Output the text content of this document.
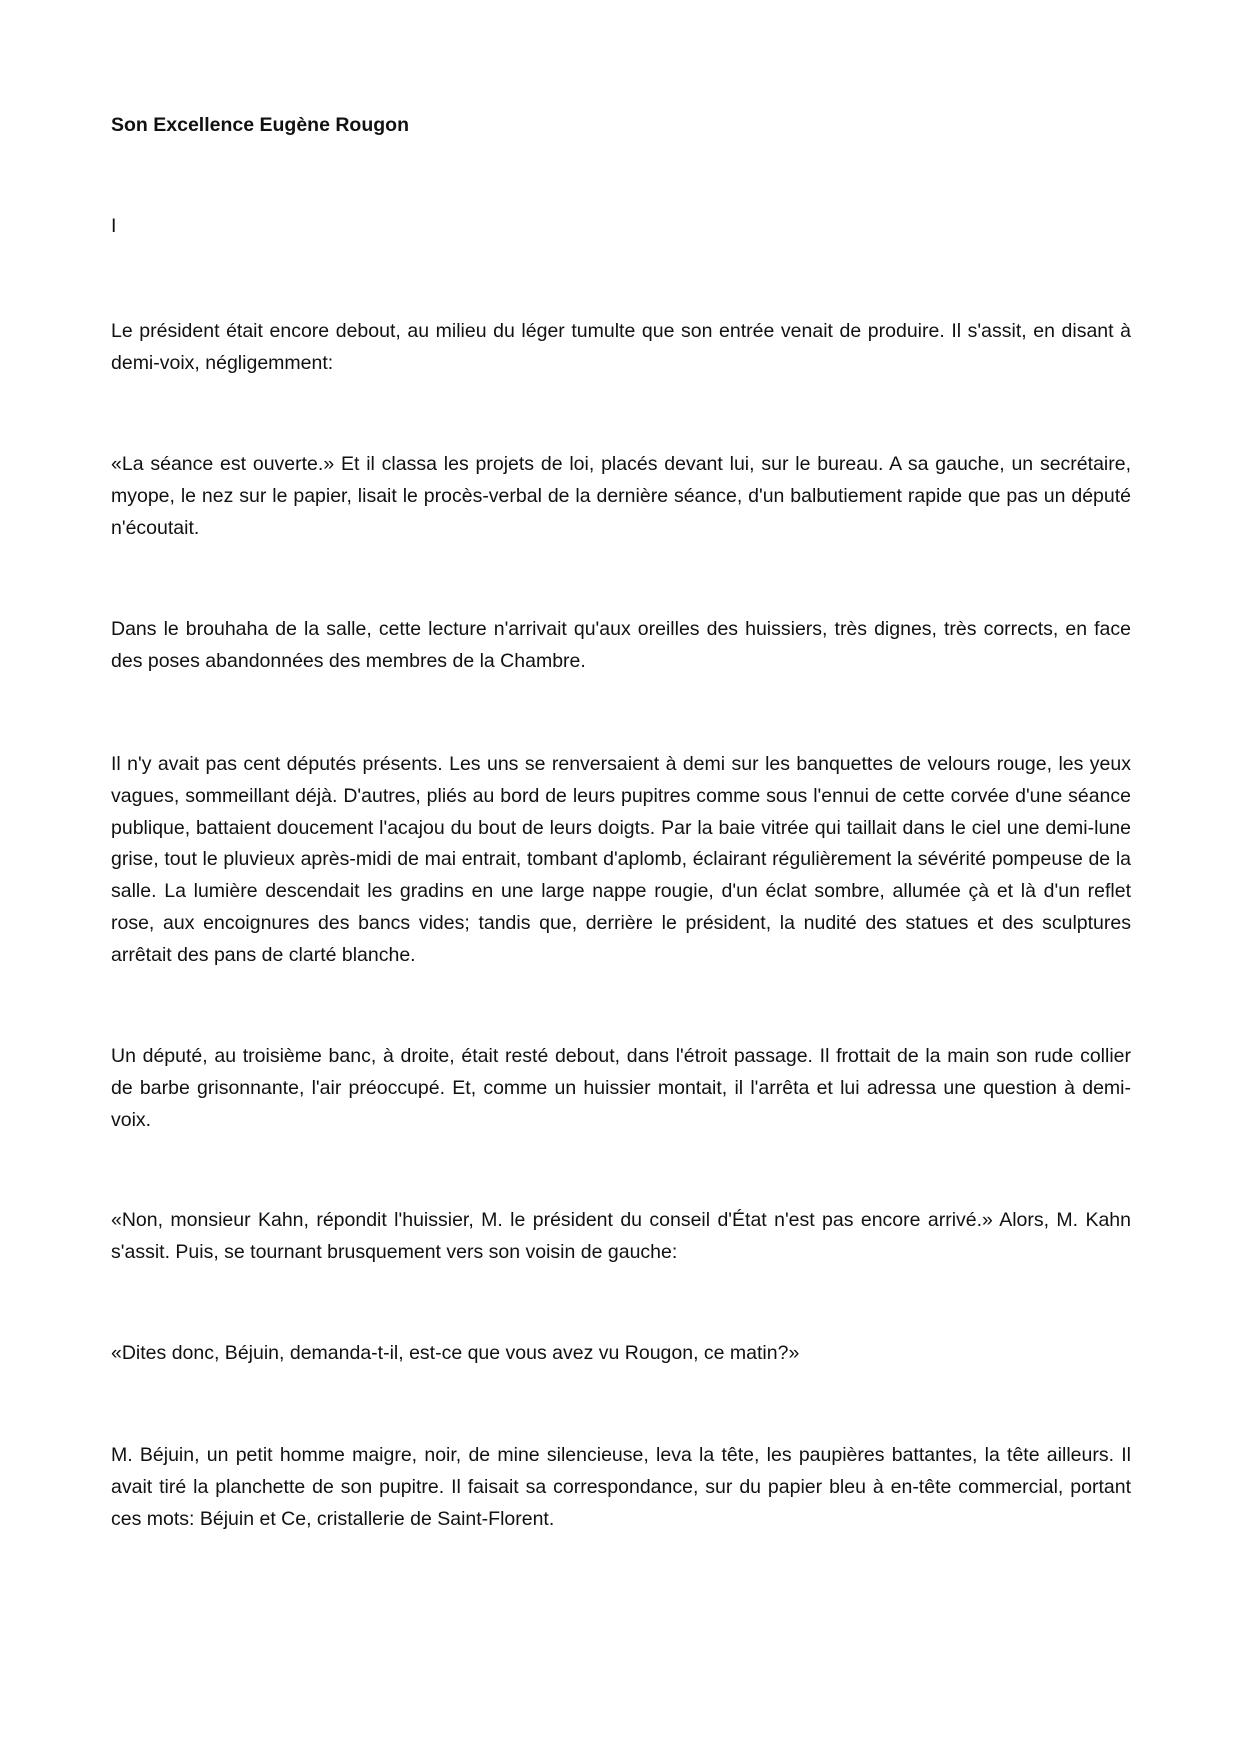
Son Excellence Eugène Rougon

I

Le président était encore debout, au milieu du léger tumulte que son entrée venait de produire. Il s'assit, en disant à demi-voix, négligemment:

«La séance est ouverte.» Et il classa les projets de loi, placés devant lui, sur le bureau. A sa gauche, un secrétaire, myope, le nez sur le papier, lisait le procès-verbal de la dernière séance, d'un balbutiement rapide que pas un député n'écoutait.

Dans le brouhaha de la salle, cette lecture n'arrivait qu'aux oreilles des huissiers, très dignes, très corrects, en face des poses abandonnées des membres de la Chambre.

Il n'y avait pas cent députés présents. Les uns se renversaient à demi sur les banquettes de velours rouge, les yeux vagues, sommeillant déjà. D'autres, pliés au bord de leurs pupitres comme sous l'ennui de cette corvée d'une séance publique, battaient doucement l'acajou du bout de leurs doigts. Par la baie vitrée qui taillait dans le ciel une demi-lune grise, tout le pluvieux après-midi de mai entrait, tombant d'aplomb, éclairant régulièrement la sévérité pompeuse de la salle. La lumière descendait les gradins en une large nappe rougie, d'un éclat sombre, allumée çà et là d'un reflet rose, aux encoignures des bancs vides; tandis que, derrière le président, la nudité des statues et des sculptures arrêtait des pans de clarté blanche.

Un député, au troisième banc, à droite, était resté debout, dans l'étroit passage. Il frottait de la main son rude collier de barbe grisonnante, l'air préoccupé. Et, comme un huissier montait, il l'arrêta et lui adressa une question à demi-voix.

«Non, monsieur Kahn, répondit l'huissier, M. le président du conseil d'État n'est pas encore arrivé.» Alors, M. Kahn s'assit. Puis, se tournant brusquement vers son voisin de gauche:

«Dites donc, Béjuin, demanda-t-il, est-ce que vous avez vu Rougon, ce matin?»

M. Béjuin, un petit homme maigre, noir, de mine silencieuse, leva la tête, les paupières battantes, la tête ailleurs. Il avait tiré la planchette de son pupitre. Il faisait sa correspondance, sur du papier bleu à en-tête commercial, portant ces mots: Béjuin et Ce, cristallerie de Saint-Florent.
